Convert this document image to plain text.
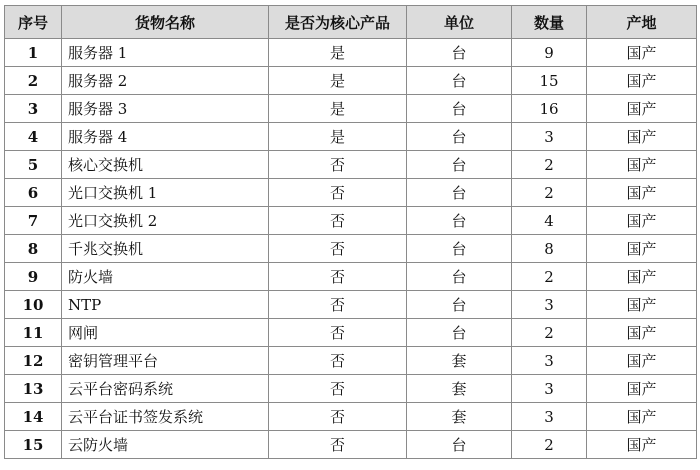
序号	货物名称	是否为核心产品	单位	数量	产地
1	服务器 1	是	台	9	国产
2	服务器 2	是	台	15	国产
3	服务器 3	是	台	16	国产
4	服务器 4	是	台	3	国产
5	核心交换机	否	台	2	国产
6	光口交换机 1	否	台	2	国产
7	光口交换机 2	否	台	4	国产
8	千兆交换机	否	台	8	国产
9	防火墙	否	台	2	国产
10	NTP	否	台	3	国产
11	网闸	否	台	2	国产
12	密钥管理平台	否	套	3	国产
13	云平台密码系统	否	套	3	国产
14	云平台证书签发系统	否	套	3	国产
15	云防火墙	否	台	2	国产
